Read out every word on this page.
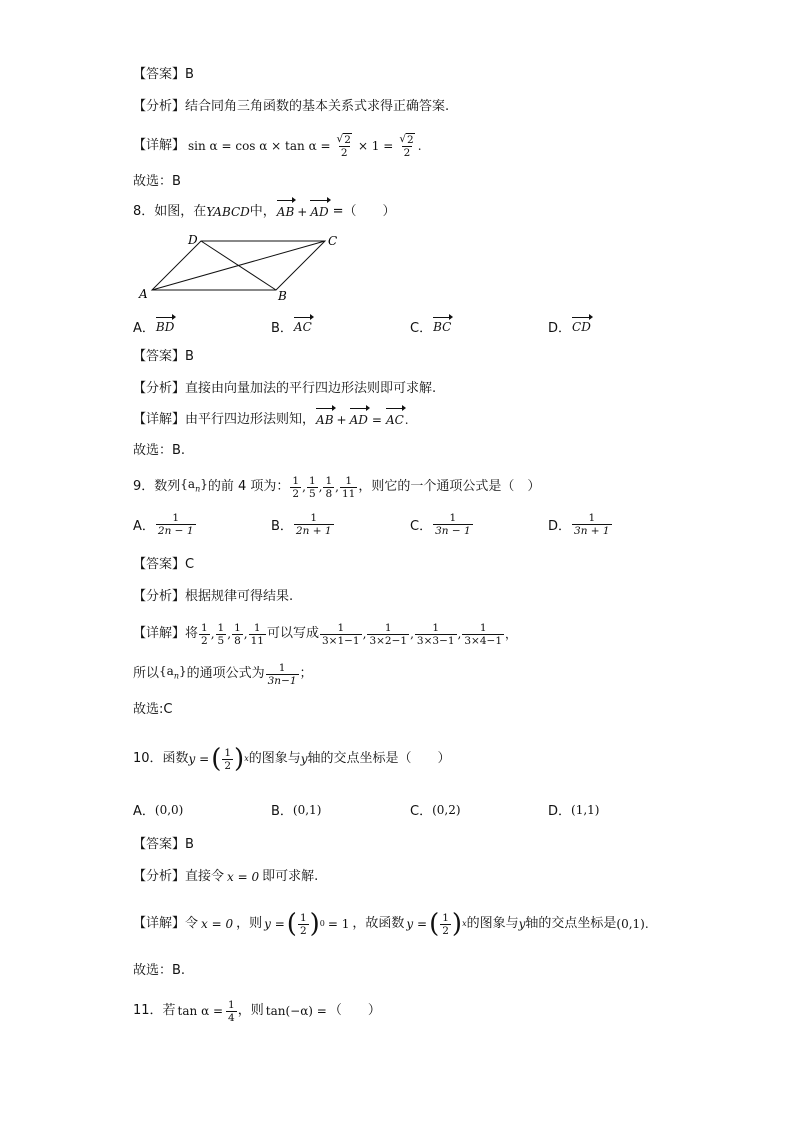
【答案】 B
【分析】 结合同角三角函数的基本关系式求得正确答案.
【详解】 $\sin \alpha = \cos \alpha \times \tan \alpha = \frac{√ 2}{2} \times 1 = \frac{√ 2}{2}$ .
故选：B
8．如图，在 YABCD 中， AB + AD =（　　）
A	B
C
D
A． BD	B． AC	C． BC	D． CD
【答案】 B
【分析】 直接由向量加法的平行四边形法则即可求解.
【详解】 由平行四边形法则知， AB + AD = AC .
故选：B.
9．数列 $\{a_n\}$ 的前 4 项为： $\frac{1}{2}$ , $\frac{1}{5}$ , $\frac{1}{8}$ , $\frac{1}{11}$ ，则它的一个通项公式是（　）
A． $\frac{1}{2n - 1}$	B． $\frac{1}{2n + 1}$	C． $\frac{1}{3n - 1}$	D． $\frac{1}{3n + 1}$
【答案】 C
【分析】 根据规律可得结果.
【详解】 将 $\frac{1}{2}$ , $\frac{1}{5}$ , $\frac{1}{8}$ , $\frac{1}{11}$ 可以写成 $\frac{1}{3\times 1-1}$ , $\frac{1}{3\times 2-1}$ , $\frac{1}{3\times 3-1}$ , $\frac{1}{3\times 4-1}$ ，
所以 $\{a_n\}$ 的通项公式为 $\frac{1}{3n-1}$ ；
故选:C
10．函数 y = ( $\frac{1}{2}$ ) x 的图象与 y 轴的交点坐标是（　　）
A． (0,0)	B． (0,1)	C． (0,2)	D． (1,1)
【答案】 B
【分析】 直接令 x = 0 即可求解.
【详解】 令 x = 0 ，则 y = ( $\frac{1}{2}$ ) 0 = 1 ，故函数 y = ( $\frac{1}{2}$ ) x 的图象与 y 轴的交点坐标是 (0,1) .
故选：B.
11．若 $\tan \alpha = \frac{1}{4}$ ，则 tan(−α) = （　　）
